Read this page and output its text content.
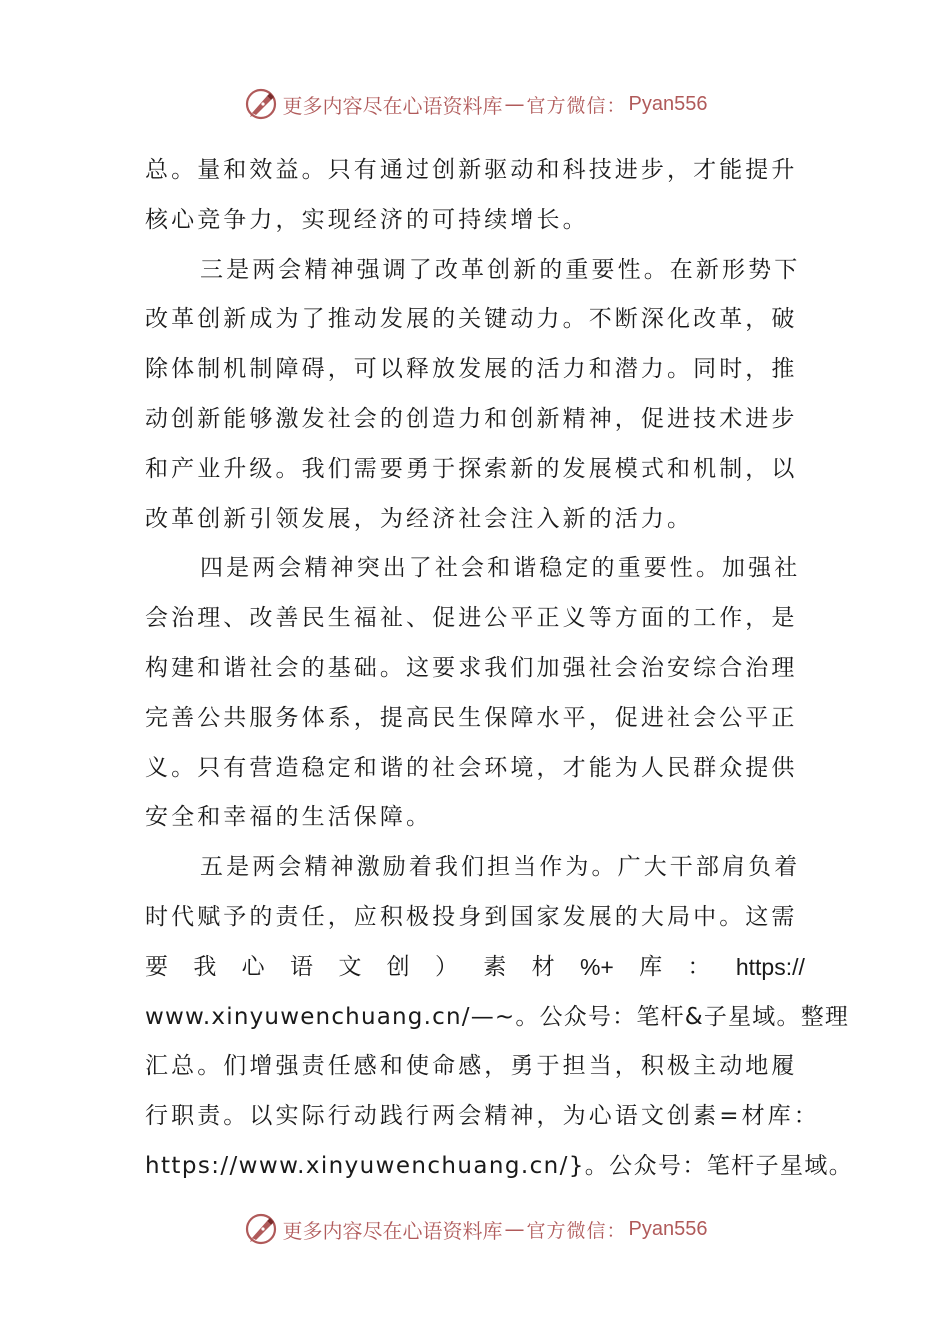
更多内容尽在心语资料库 — 官方微信： Pyan556
总。量和效益。只有通过创新驱动和科技进步，才能提升
核心竞争力，实现经济的可持续增长。
三是两会精神强调了改革创新的重要性。在新形势下
改革创新成为了推动发展的关键动力。不断深化改革，破
除体制机制障碍，可以释放发展的活力和潜力。同时，推
动创新能够激发社会的创造力和创新精神，促进技术进步
和产业升级。我们需要勇于探索新的发展模式和机制，以
改革创新引领发展，为经济社会注入新的活力。
四是两会精神突出了社会和谐稳定的重要性。加强社
会治理、改善民生福祉、促进公平正义等方面的工作，是
构建和谐社会的基础。这要求我们加强社会治安综合治理
完善公共服务体系，提高民生保障水平，促进社会公平正
义。只有营造稳定和谐的社会环境，才能为人民群众提供
安全和幸福的生活保障。
五是两会精神激励着我们担当作为。广大干部肩负着
时代赋予的责任，应积极投身到国家发展的大局中。这需
要 我 心 语 文 创 ） 素 材 %+ 库 ： https://
www.xinyuwenchuang.cn/—~。公众号：笔杆&子星域。整理
汇总。们增强责任感和使命感，勇于担当，积极主动地履
行职责。以实际行动践行两会精神，为心语文创素=材库：
https://www.xinyuwenchuang.cn/}。公众号：笔杆子星域。
更多内容尽在心语资料库 — 官方微信： Pyan556
